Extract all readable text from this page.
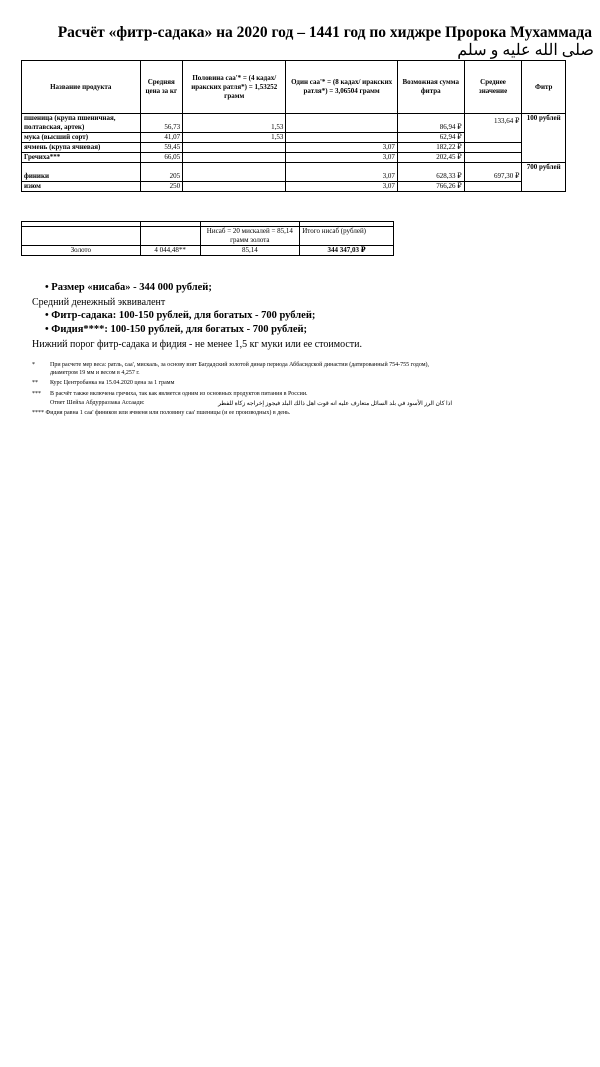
Расчёт «фитр-садака» на 2020 год – 1441 год по хиджре Пророка Мухаммада
صلى الله عليه و سلم
Название продукта	Средняя цена за кг	Половина саа'* = (4 кадах/иракских ратля*) = 1,53252 грамм	Один саа'* = (8 кадах/ иракских ратля*) = 3,06504 грамм	Возможная сумма фитра	Среднее значение	Фитр
пшеница (крупа пшеничная, полтавская, артек)	56,73	1,53		86,94 ₽	133,64 ₽	100 рублей
мука (высший сорт)	41,07	1,53		62,94 ₽		
ячмень (крупа ячневая)	59,45		3,07	182,22 ₽		
Гречиха***	66,05		3,07	202,45 ₽		
финики	205		3,07	628,33 ₽	697,30 ₽	700 рублей
изюм	250		3,07	766,26 ₽		

		Нисаб = 20 мискалей = 85,14 грамм золота	Итого нисаб (рублей)
Золото	4 044,48**	85,14	344 347,03 ₽
• Размер «нисаба» - 344 000 рублей;
Средний денежный эквивалент
• Фитр-садака: 100-150 рублей, для богатых - 700 рублей;
• Фидия****: 100-150 рублей, для богатых - 700 рублей;
Нижний порог фитр-садака и фидия - не менее 1,5 кг муки или ее стоимости.
*	При расчете мер веса: ратль, саа', мискаль, за основу взят Багдадский золотой динар периода Аббасидской династии (датированный 754-755 годом),
диаметром 19 мм и весом в 4,257 г.
** Курс Центробанка на 15.04.2020 цена за 1 грамм
*** В расчёт также включена гречиха, так как является одним из основных продуктов питания в России.
Ответ Шейха Абдурраззака Ассаади:	اذا كان الرز الأسود في بلد السائل متعارف عليه انه قوت اهل ذالك البلد فيجوز إخراجه زكاة للفطر
**** Фидия равна 1 саа' фиников или ячменя или половину саа' пшеницы (и ее производных) в день.
